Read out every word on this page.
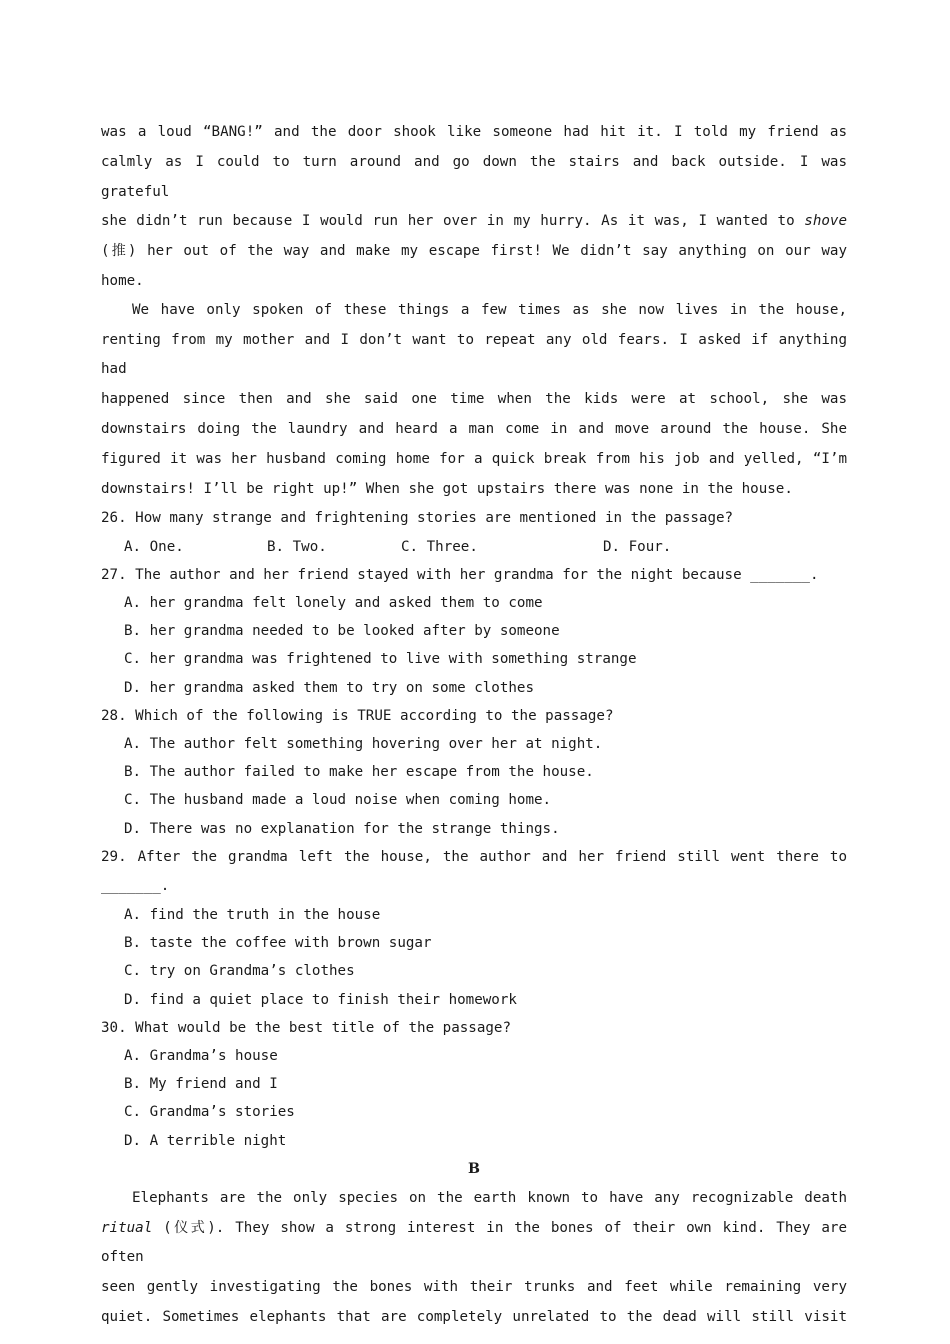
was a loud “BANG!” and the door shook like someone had hit it. I told my friend as
calmly as I could to turn around and go down the stairs and back outside. I was grateful
she didn’t run because I would run her over in my hurry. As it was, I wanted to shove
(推) her out of the way and make my escape first! We didn’t say anything on our way
home.
We have only spoken of these things a few times as she now lives in the house,
renting from my mother and I don’t want to repeat any old fears. I asked if anything had
happened since then and she said one time when the kids were at school, she was
downstairs doing the laundry and heard a man come in and move around the house. She
figured it was her husband coming home for a quick break from his job and yelled, “I’m
downstairs! I’ll be right up!” When she got upstairs there was none in the house.

26. How many strange and frightening stories are mentioned in the passage?

A. One.	B. Two.	C. Three.	D. Four.

27. The author and her friend stayed with her grandma for the night because _______.

A. her grandma felt lonely and asked them to come

B. her grandma needed to be looked after by someone

C. her grandma was frightened to live with something strange

D. her grandma asked them to try on some clothes

28. Which of the following is TRUE according to the passage?

A. The author felt something hovering over her at night.

B. The author failed to make her escape from the house.

C. The husband made a loud noise when coming home.

D. There was no explanation for the strange things.

29. After the grandma left the house, the author and her friend still went there to

_______.

A. find the truth in the house

B. taste the coffee with brown sugar

C. try on Grandma’s clothes

D. find a quiet place to finish their homework

30. What would be the best title of the passage?

A. Grandma’s house

B. My friend and I

C. Grandma’s stories

D. A terrible night

B

Elephants are the only species on the earth known to have any recognizable death
ritual (仪式). They show a strong interest in the bones of their own kind. They are often
seen gently investigating the bones with their trunks and feet while remaining very
quiet. Sometimes elephants that are completely unrelated to the dead will still visit
